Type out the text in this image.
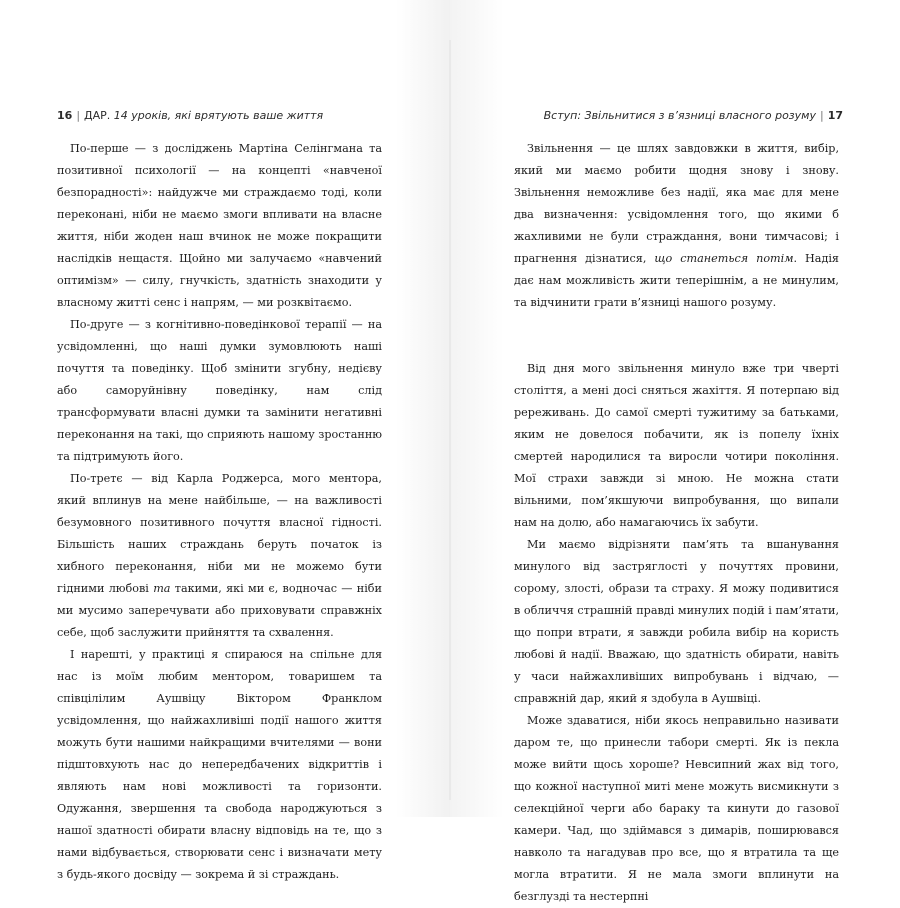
16 | ДАР. 14 уроків, які врятують ваше життя	Вступ: Звільнитися з в’язниці власного розуму | 17

По-перше — з досліджень Мартіна Селінгмана та позитивної психології — на концепті «навченої безпорадності»: найдужче ми страждаємо тоді, коли переконані, ніби не маємо змоги впливати на власне життя, ніби жоден наш вчинок не може покращити наслідків нещастя. Щойно ми залучаємо «навчений оптимізм» — силу, гнучкість, здатність знаходити у власному житті сенс і напрям, — ми розквітаємо.

По-друге — з когнітивно-поведінкової терапії — на усвідомленні, що наші думки зумовлюють наші почуття та поведінку. Щоб змінити згубну, недієву або саморуйнівну поведінку, нам слід трансформувати власні думки та замінити негативні переконання на такі, що сприяють нашому зростанню та підтримують його.

По-третє — від Карла Роджерса, мого ментора, який вплинув на мене найбільше, — на важливості безумовного позитивного почуття власної гідності. Більшість наших страждань беруть початок із хибного переконання, ніби ми не можемо бути гідними любові та такими, які ми є, водночас — ніби ми мусимо заперечувати або приховувати справжніх себе, щоб заслужити прийняття та схвалення.

І нарешті, у практиці я спираюся на спільне для нас із моїм любим ментором, товаришем та співцілілим Аушвіцу Віктором Франклом усвідомлення, що найжахливіші події нашого життя можуть бути нашими найкращими вчителями — вони підштовхують нас до непередбачених відкриттів і являють нам нові можливості та горизонти. Одужання, звершення та свобода народжуються з нашої здатності обирати власну відповідь на те, що з нами відбувається, створювати сенс і визначати мету з будь-якого досвіду — зокрема й зі страждань.

Звільнення — це шлях завдовжки в життя, вибір, який ми маємо робити щодня знову і знову. Звільнення неможливе без надії, яка має для мене два визначення: усвідомлення того, що якими б жахливими не були страждання, вони тимчасові; і прагнення дізнатися, що станеться потім. Надія дає нам можливість жити теперішнім, а не минулим, та відчинити грати в’язниці нашого розуму.

Від дня мого звільнення минуло вже три чверті століття, а мені досі сняться жахіття. Я потерпаю від ререживань. До самої смерті тужитиму за батьками, яким не довелося побачити, як із попелу їхніх смертей народилися та виросли чотири покоління. Мої страхи завжди зі мною. Не можна стати вільними, пом’якшуючи випробування, що випали нам на долю, або намагаючись їх забути.

Ми маємо відрізняти пам’ять та вшанування минулого від застряглості у почуттях провини, сорому, злості, образи та страху. Я можу подивитися в обличчя страшній правді минулих подій і пам’ятати, що попри втрати, я завжди робила вибір на користь любові й надії. Вважаю, що здатність обирати, навіть у часи найжахливіших випробувань і відчаю, — справжній дар, який я здобула в Аушвіці.

Може здаватися, ніби якось неправильно називати даром те, що принесли табори смерті. Як із пекла може вийти щось хороше? Невсипний жах від того, що кожної наступної миті мене можуть висмикнути з селекційної черги або бараку та кинути до газової камери. Чад, що здіймався з димарів, поширювався навколо та нагадував про все, що я втратила та ще могла втратити. Я не мала змоги вплинути на безглузді та нестерпні
